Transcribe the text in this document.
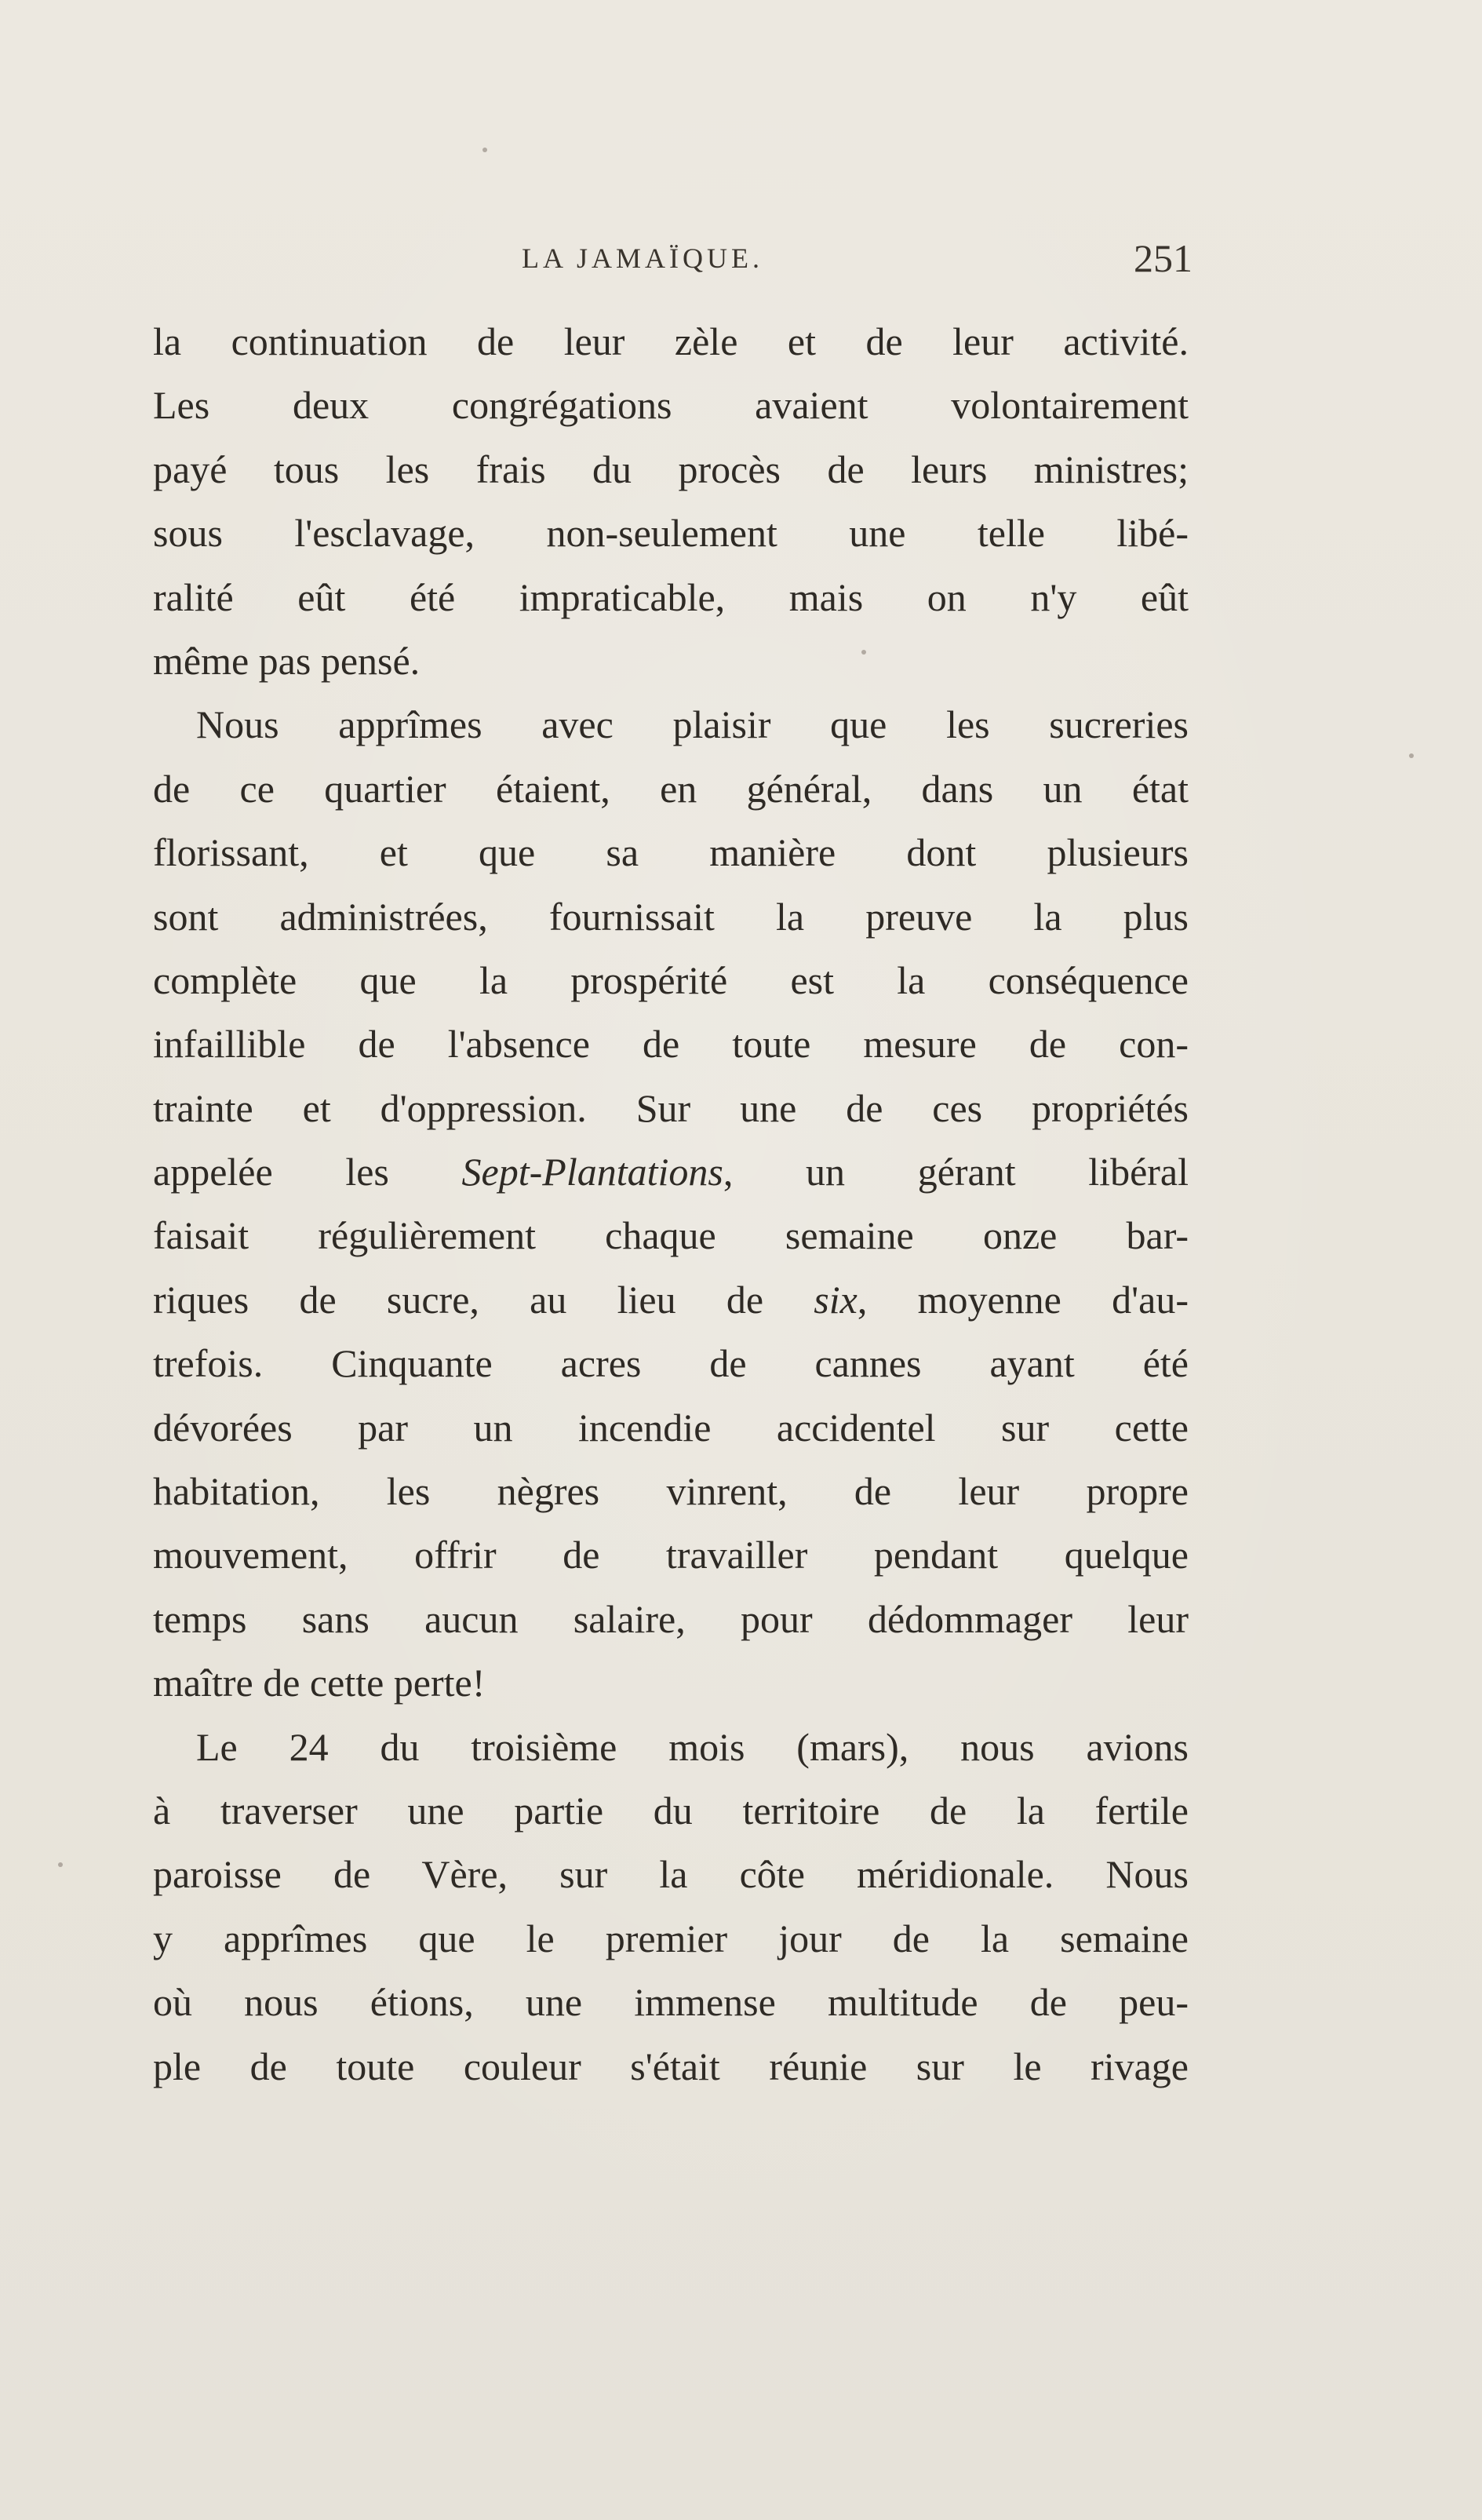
LA JAMAÏQUE.	251
la continuation de leur zèle et de leur activité.
Les deux congrégations avaient volontairement
payé tous les frais du procès de leurs ministres;
sous l'esclavage, non-seulement une telle libé-
ralité eût été impraticable, mais on n'y eût
même pas pensé.
Nous apprîmes avec plaisir que les sucreries
de ce quartier étaient, en général, dans un état
florissant, et que sa manière dont plusieurs
sont administrées, fournissait la preuve la plus
complète que la prospérité est la conséquence
infaillible de l'absence de toute mesure de con-
trainte et d'oppression. Sur une de ces propriétés
appelée les Sept-Plantations, un gérant libéral
faisait régulièrement chaque semaine onze bar-
riques de sucre, au lieu de six, moyenne d'au-
trefois. Cinquante acres de cannes ayant été
dévorées par un incendie accidentel sur cette
habitation, les nègres vinrent, de leur propre
mouvement, offrir de travailler pendant quelque
temps sans aucun salaire, pour dédommager leur
maître de cette perte!
Le 24 du troisième mois (mars), nous avions
à traverser une partie du territoire de la fertile
paroisse de Vère, sur la côte méridionale. Nous
y apprîmes que le premier jour de la semaine
où nous étions, une immense multitude de peu-
ple de toute couleur s'était réunie sur le rivage
